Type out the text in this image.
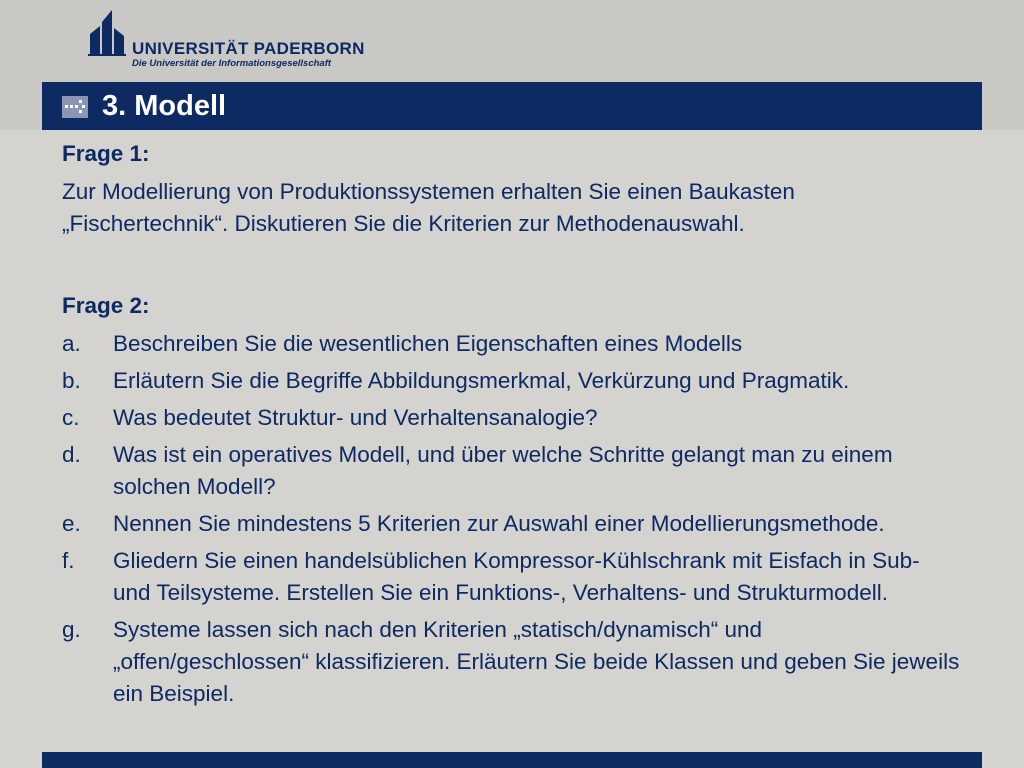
UNIVERSITÄT PADERBORN
Die Universität der Informationsgesellschaft
3. Modell
Frage 1:
Zur Modellierung von Produktionssystemen erhalten Sie einen Baukasten „Fischertechnik“. Diskutieren Sie die Kriterien zur Methodenauswahl.
Frage 2:
a. Beschreiben Sie die wesentlichen Eigenschaften eines Modells
b. Erläutern Sie die Begriffe Abbildungsmerkmal, Verkürzung und Pragmatik.
c. Was bedeutet Struktur- und Verhaltensanalogie?
d. Was ist ein operatives Modell, und über welche Schritte gelangt man zu einem solchen Modell?
e. Nennen Sie mindestens 5 Kriterien zur Auswahl einer Modellierungsmethode.
f. Gliedern Sie einen handelsüblichen Kompressor-Kühlschrank mit Eisfach in Sub- und Teilsysteme. Erstellen Sie ein Funktions-, Verhaltens- und Strukturmodell.
g. Systeme lassen sich nach den Kriterien „statisch/dynamisch“ und „offen/geschlossen“ klassifizieren. Erläutern Sie beide Klassen und geben Sie jeweils ein Beispiel.
